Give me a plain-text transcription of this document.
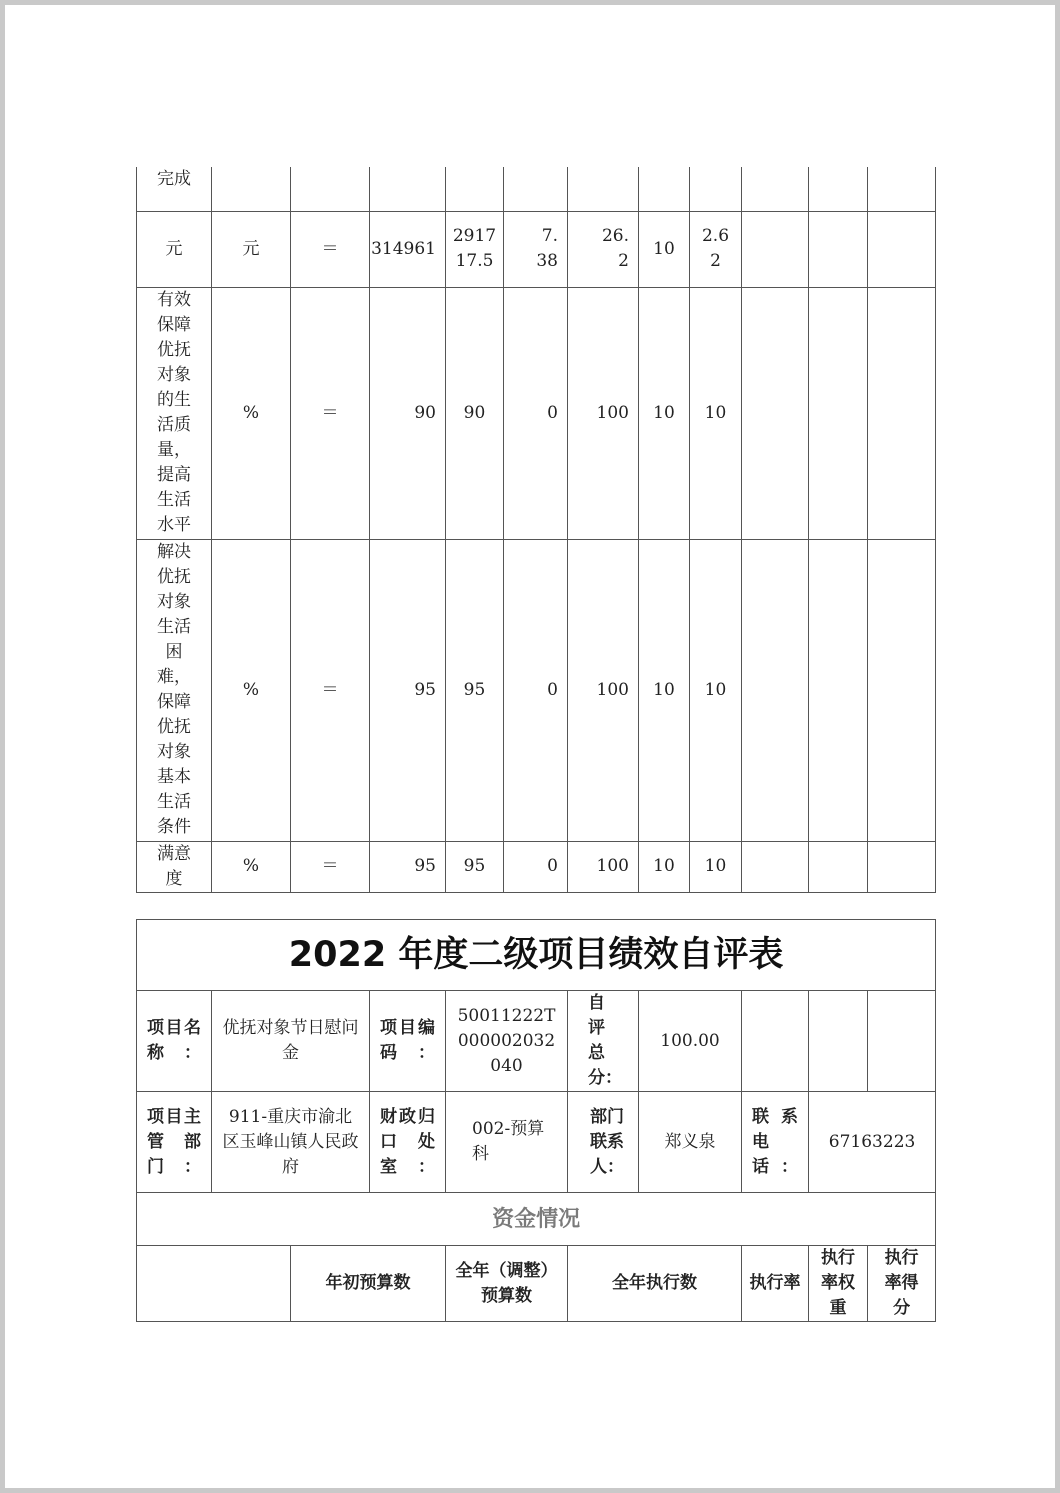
完成											
元	元	＝	314961	291717.5	7.38	26.2	10	2.62			
有效保障优抚对象的生活质量，提高生活水平	%	＝	90	90	0	100	10	10			
解决优抚对象生活困难，保障优抚对象基本生活条件	%	＝	95	95	0	100	10	10			
满意度	%	＝	95	95	0	100	10	10			
2022 年度二级项目绩效自评表									
项目名称：	优抚对象节日慰问金		项目编码：	50011222T000002032040	自评总分：	100.00			
项目主管部门：	911-重庆市渝北区玉峰山镇人民政府		财政归口处室：	002-预算科	部门联系人：	郑义泉	联系电话：	67163223	
资金情况									
		年初预算数		全年（调整）预算数	全年执行数		执行率	执行率权重	执行率得分
